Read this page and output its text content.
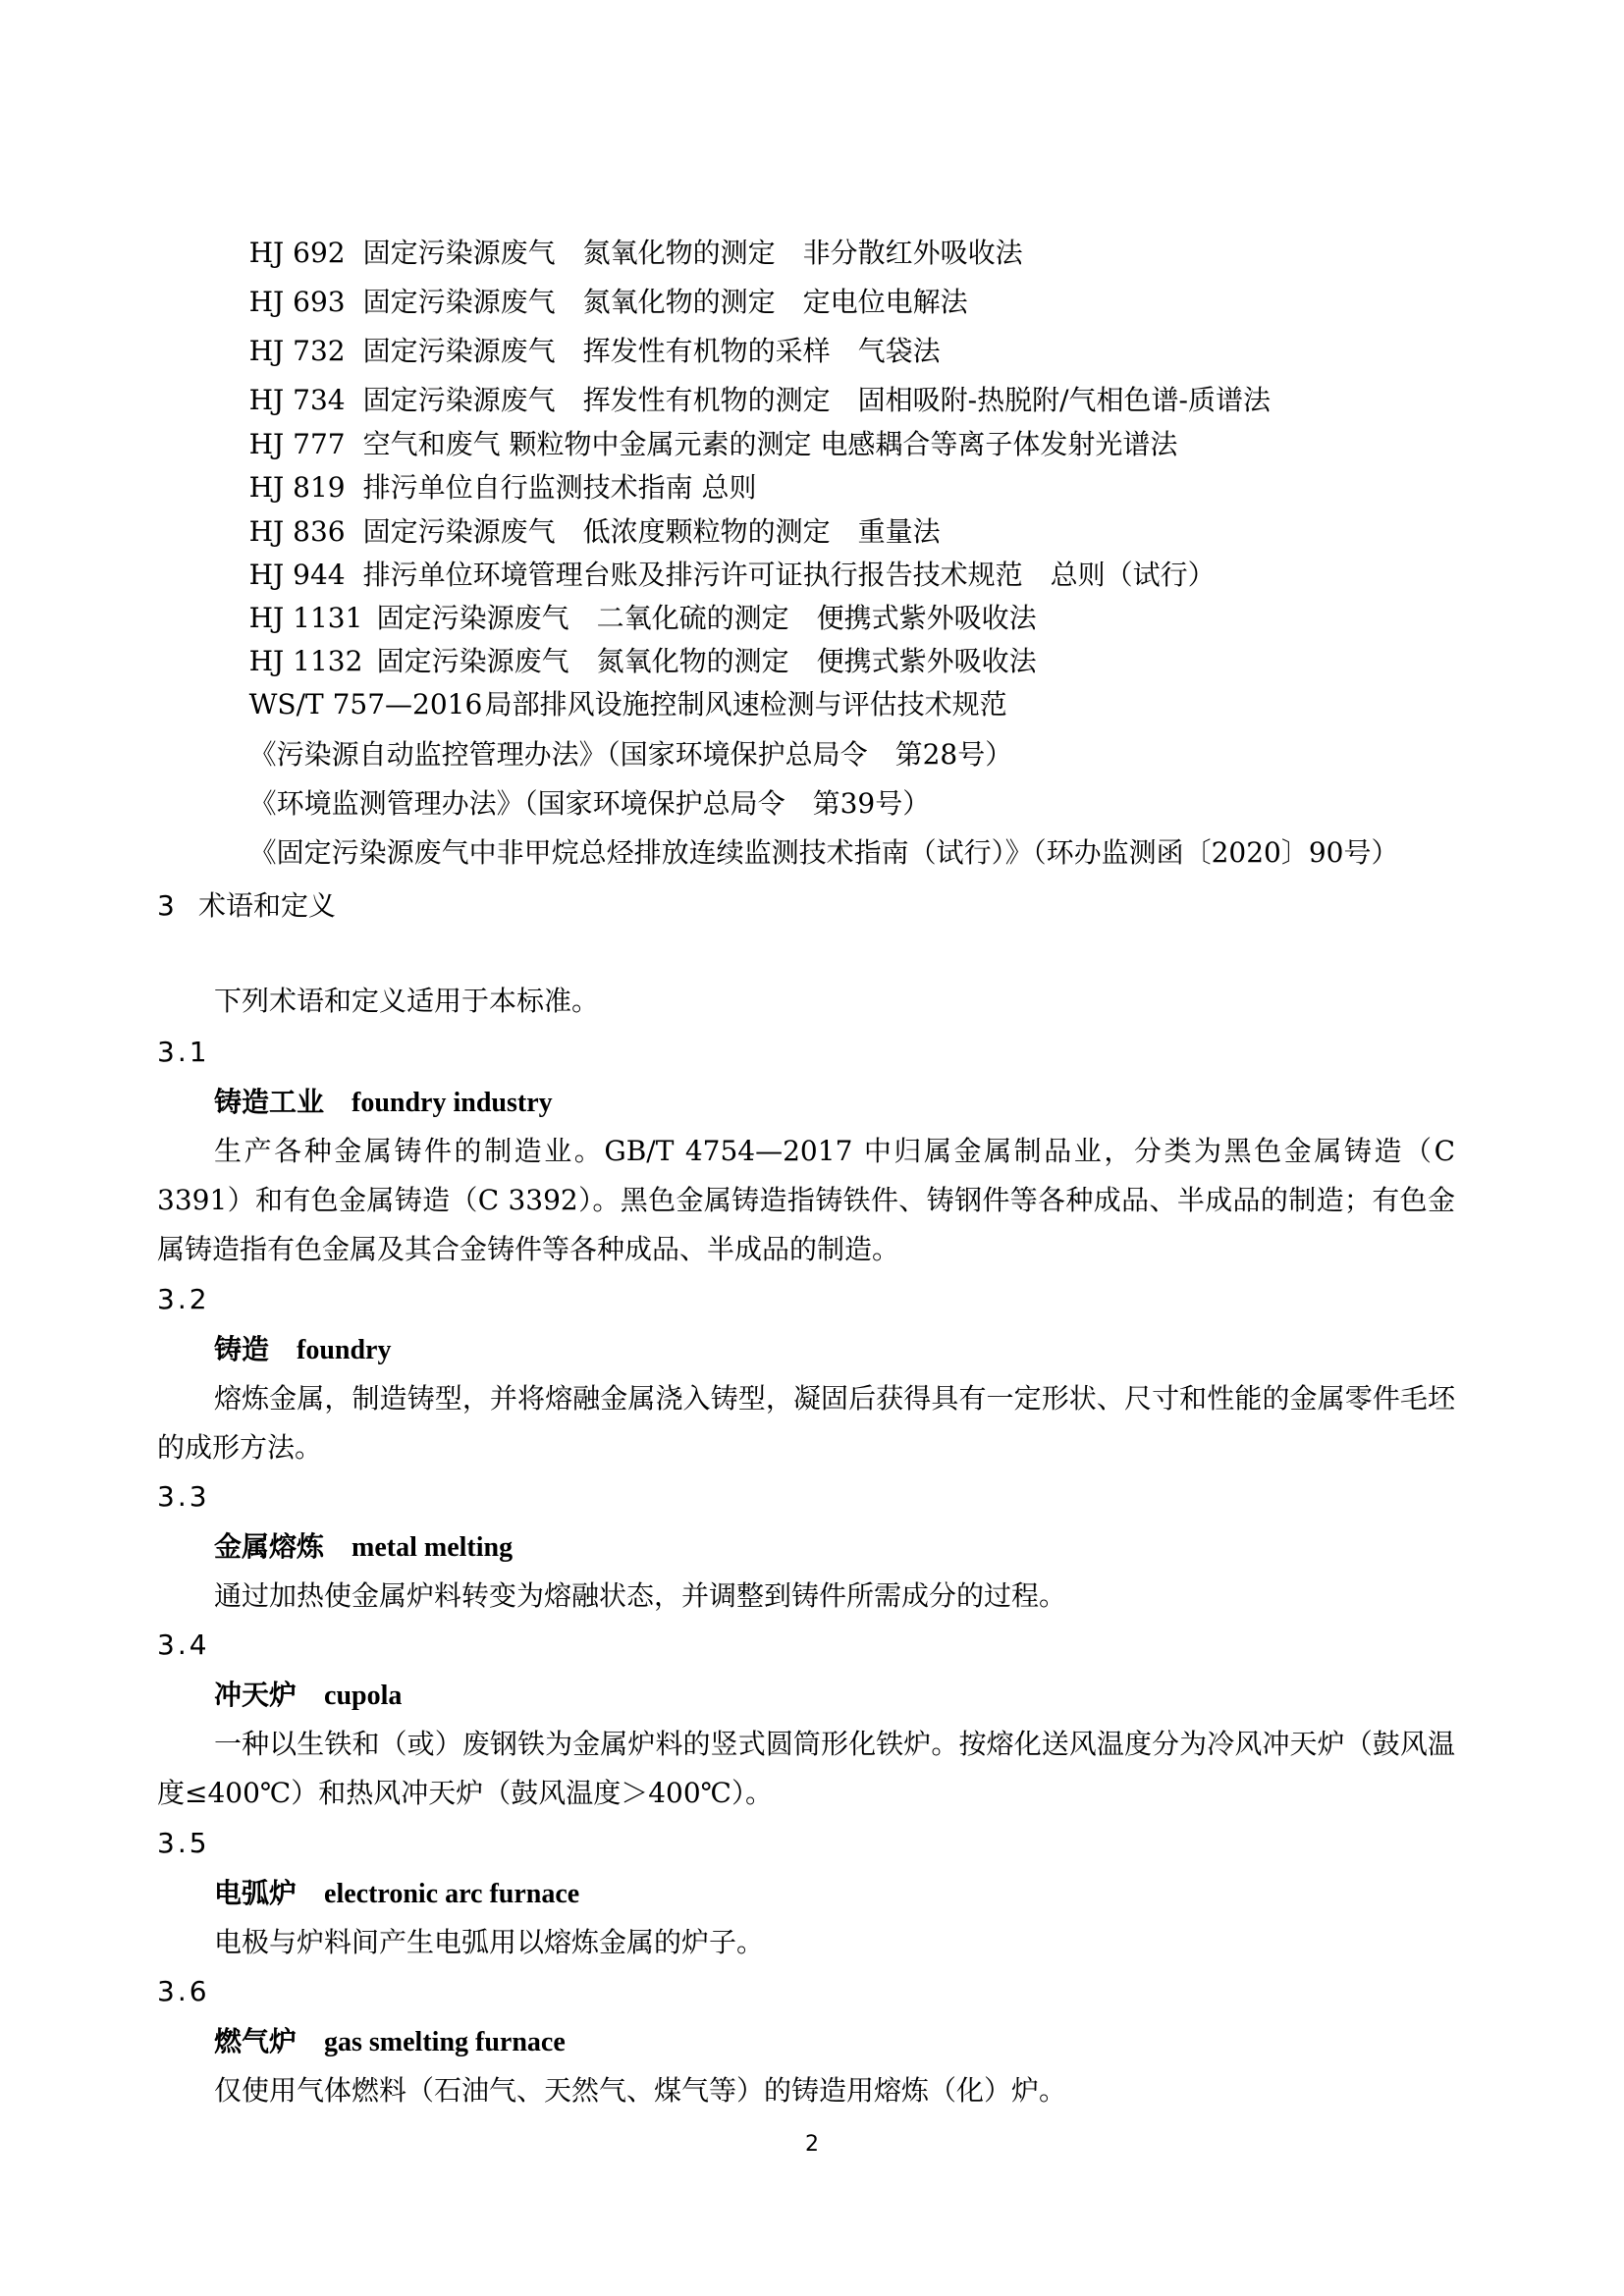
HJ 692 固定污染源废气　氮氧化物的测定　非分散红外吸收法

HJ 693 固定污染源废气　氮氧化物的测定　定电位电解法

HJ 732 固定污染源废气　挥发性有机物的采样　气袋法

HJ 734 固定污染源废气　挥发性有机物的测定　固相吸附-热脱附/气相色谱-质谱法

HJ 777 空气和废气 颗粒物中金属元素的测定 电感耦合等离子体发射光谱法

HJ 819 排污单位自行监测技术指南 总则

HJ 836 固定污染源废气　低浓度颗粒物的测定　重量法

HJ 944 排污单位环境管理台账及排污许可证执行报告技术规范　总则（试行）

HJ 1131 固定污染源废气　二氧化硫的测定　便携式紫外吸收法

HJ 1132 固定污染源废气　氮氧化物的测定　便携式紫外吸收法

WS/T 757—2016局部排风设施控制风速检测与评估技术规范

《污染源自动监控管理办法》（国家环境保护总局令　第28号）

《环境监测管理办法》（国家环境保护总局令　第39号）

《固定污染源废气中非甲烷总烃排放连续监测技术指南（试行）》（环办监测函〔2020〕90号）

3 术语和定义
下列术语和定义适用于本标准。
3.1
铸造工业 foundry industry
生产各种金属铸件的制造业。GB/T 4754—2017 中归属金属制品业，分类为黑色金属铸造（C 3391）和有色金属铸造（C 3392）。黑色金属铸造指铸铁件、铸钢件等各种成品、半成品的制造；有色金属铸造指有色金属及其合金铸件等各种成品、半成品的制造。
3.2
铸造 foundry
熔炼金属，制造铸型，并将熔融金属浇入铸型，凝固后获得具有一定形状、尺寸和性能的金属零件毛坯的成形方法。
3.3
金属熔炼 metal melting
通过加热使金属炉料转变为熔融状态，并调整到铸件所需成分的过程。
3.4
冲天炉 cupola
一种以生铁和（或）废钢铁为金属炉料的竖式圆筒形化铁炉。按熔化送风温度分为冷风冲天炉（鼓风温度≤400℃）和热风冲天炉（鼓风温度＞400℃）。
3.5
电弧炉 electronic arc furnace
电极与炉料间产生电弧用以熔炼金属的炉子。
3.6
燃气炉 gas smelting furnace
仅使用气体燃料（石油气、天然气、煤气等）的铸造用熔炼（化）炉。
2
